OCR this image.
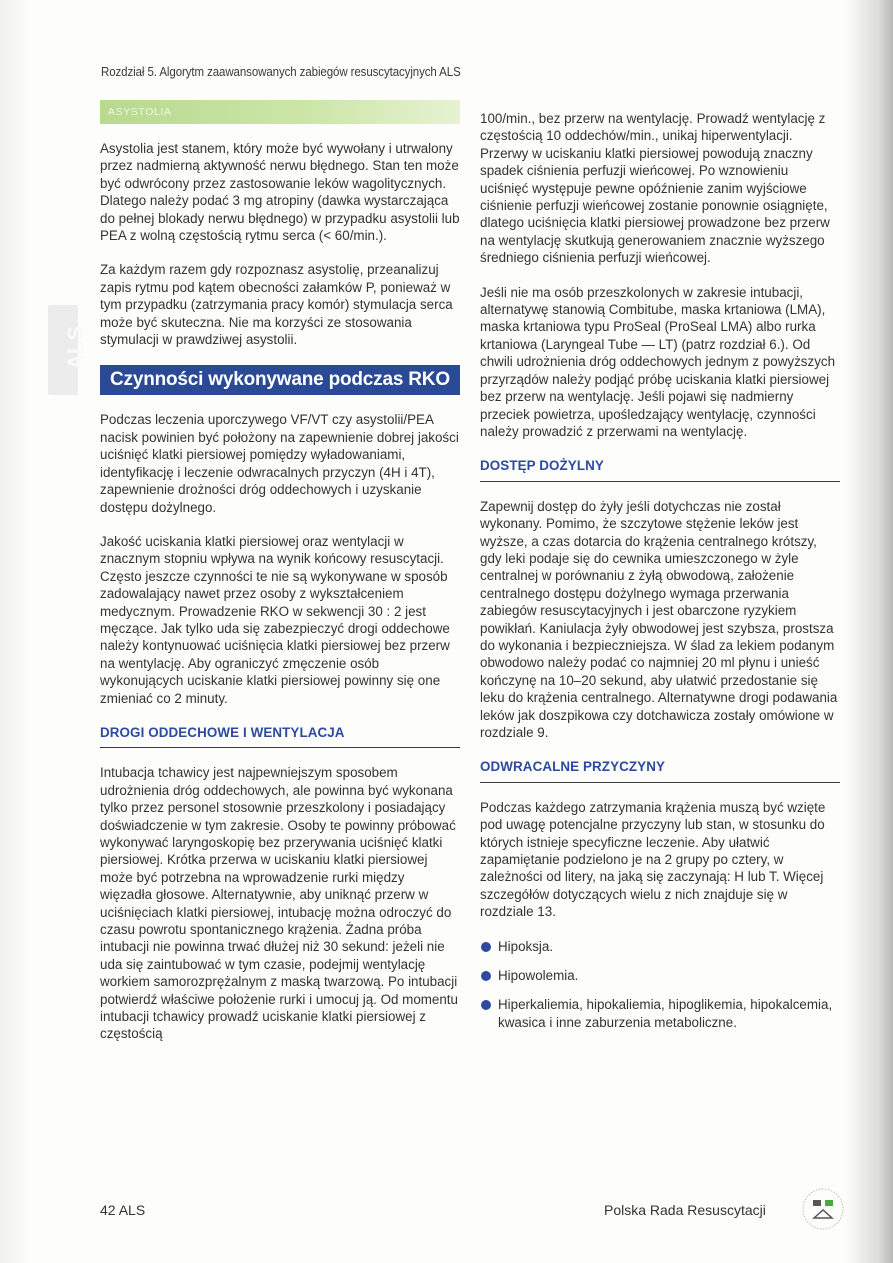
Rozdział 5. Algorytm zaawansowanych zabiegów resuscytacyjnych ALS
ALS
ASYSTOLIA

Asystolia jest stanem, który może być wywołany i utrwalony przez nadmierną aktywność nerwu błędnego. Stan ten może być odwrócony przez zastosowanie leków wagolitycznych. Dlatego należy podać 3 mg atropiny (dawka wystarczająca do pełnej blokady nerwu błędnego) w przypadku asystolii lub PEA z wolną częstością rytmu serca (< 60/min.).

Za każdym razem gdy rozpoznasz asystolię, przeanalizuj zapis rytmu pod kątem obecności załamków P, ponieważ w tym przypadku (zatrzymania pracy komór) stymulacja serca może być skuteczna. Nie ma korzyści ze stosowania stymulacji w prawdziwej asystolii.

Czynności wykonywane podczas RKO

Podczas leczenia uporczywego VF/VT czy asystolii/PEA nacisk powinien być położony na zapewnienie dobrej jakości uciśnięć klatki piersiowej pomiędzy wyładowaniami, identyfikację i leczenie odwracalnych przyczyn (4H i 4T), zapewnienie drożności dróg oddechowych i uzyskanie dostępu dożylnego.

Jakość uciskania klatki piersiowej oraz wentylacji w znacznym stopniu wpływa na wynik końcowy resuscytacji. Często jeszcze czynności te nie są wykonywane w sposób zadowalający nawet przez osoby z wykształceniem medycznym. Prowadzenie RKO w sekwencji 30 : 2 jest męczące. Jak tylko uda się zabezpieczyć drogi oddechowe należy kontynuować uciśnięcia klatki piersiowej bez przerw na wentylację. Aby ograniczyć zmęczenie osób wykonujących uciskanie klatki piersiowej powinny się one zmieniać co 2 minuty.

DROGI ODDECHOWE I WENTYLACJA

Intubacja tchawicy jest najpewniejszym sposobem udrożnienia dróg oddechowych, ale powinna być wykonana tylko przez personel stosownie przeszkolony i posiadający doświadczenie w tym zakresie. Osoby te powinny próbować wykonywać laryngoskopię bez przerywania uciśnięć klatki piersiowej. Krótka przerwa w uciskaniu klatki piersiowej może być potrzebna na wprowadzenie rurki między więzadła głosowe. Alternatywnie, aby uniknąć przerw w uciśnięciach klatki piersiowej, intubację można odroczyć do czasu powrotu spontanicznego krążenia. Żadna próba intubacji nie powinna trwać dłużej niż 30 sekund: jeżeli nie uda się zaintubować w tym czasie, podejmij wentylację workiem samorozprężalnym z maską twarzową. Po intubacji potwierdź właściwe położenie rurki i umocuj ją. Od momentu intubacji tchawicy prowadź uciskanie klatki piersiowej z częstością

100/min., bez przerw na wentylację. Prowadź wentylację z częstością 10 oddechów/min., unikaj hiperwentylacji. Przerwy w uciskaniu klatki piersiowej powodują znaczny spadek ciśnienia perfuzji wieńcowej. Po wznowieniu uciśnięć występuje pewne opóźnienie zanim wyjściowe ciśnienie perfuzji wieńcowej zostanie ponownie osiągnięte, dlatego uciśnięcia klatki piersiowej prowadzone bez przerw na wentylację skutkują generowaniem znacznie wyższego średniego ciśnienia perfuzji wieńcowej.

Jeśli nie ma osób przeszkolonych w zakresie intubacji, alternatywę stanowią Combitube, maska krtaniowa (LMA), maska krtaniowa typu ProSeal (ProSeal LMA) albo rurka krtaniowa (Laryngeal Tube — LT) (patrz rozdział 6.). Od chwili udrożnienia dróg oddechowych jednym z powyższych przyrządów należy podjąć próbę uciskania klatki piersiowej bez przerw na wentylację. Jeśli pojawi się nadmierny przeciek powietrza, upośledzający wentylację, czynności należy prowadzić z przerwami na wentylację.

DOSTĘP DOŻYLNY

Zapewnij dostęp do żyły jeśli dotychczas nie został wykonany. Pomimo, że szczytowe stężenie leków jest wyższe, a czas dotarcia do krążenia centralnego krótszy, gdy leki podaje się do cewnika umieszczonego w żyle centralnej w porównaniu z żyłą obwodową, założenie centralnego dostępu dożylnego wymaga przerwania zabiegów resuscytacyjnych i jest obarczone ryzykiem powikłań. Kaniulacja żyły obwodowej jest szybsza, prostsza do wykonania i bezpieczniejsza. W ślad za lekiem podanym obwodowo należy podać co najmniej 20 ml płynu i unieść kończynę na 10–20 sekund, aby ułatwić przedostanie się leku do krążenia centralnego. Alternatywne drogi podawania leków jak doszpikowa czy dotchawicza zostały omówione w rozdziale 9.

ODWRACALNE PRZYCZYNY

Podczas każdego zatrzymania krążenia muszą być wzięte pod uwagę potencjalne przyczyny lub stan, w stosunku do których istnieje specyficzne leczenie. Aby ułatwić zapamiętanie podzielono je na 2 grupy po cztery, w zależności od litery, na jaką się zaczynają: H lub T. Więcej szczegółów dotyczących wielu z nich znajduje się w rozdziale 13.

Hipoksja.
Hipowolemia.
Hiperkaliemia, hipokaliemia, hipoglikemia, hipokalcemia, kwasica i inne zaburzenia metaboliczne.
42 ALS	Polska Rada Resuscytacji
